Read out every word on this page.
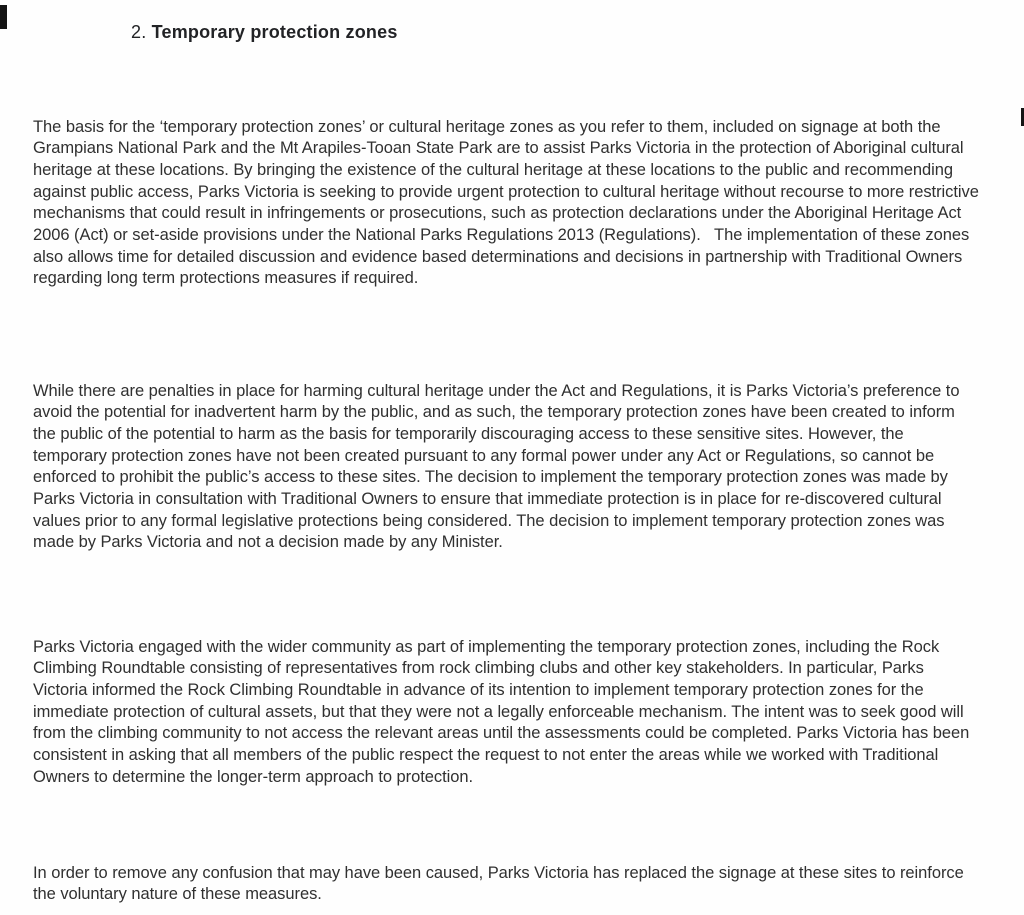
2. Temporary protection zones

The basis for the ‘temporary protection zones’ or cultural heritage zones as you refer to them, included on signage at both the Grampians National Park and the Mt Arapiles-Tooan State Park are to assist Parks Victoria in the protection of Aboriginal cultural heritage at these locations. By bringing the existence of the cultural heritage at these locations to the public and recommending against public access, Parks Victoria is seeking to provide urgent protection to cultural heritage without recourse to more restrictive mechanisms that could result in infringements or prosecutions, such as protection declarations under the Aboriginal Heritage Act 2006 (Act) or set-aside provisions under the National Parks Regulations 2013 (Regulations).   The implementation of these zones also allows time for detailed discussion and evidence based determinations and decisions in partnership with Traditional Owners regarding long term protections measures if required.

While there are penalties in place for harming cultural heritage under the Act and Regulations, it is Parks Victoria’s preference to avoid the potential for inadvertent harm by the public, and as such, the temporary protection zones have been created to inform the public of the potential to harm as the basis for temporarily discouraging access to these sensitive sites. However, the temporary protection zones have not been created pursuant to any formal power under any Act or Regulations, so cannot be enforced to prohibit the public’s access to these sites. The decision to implement the temporary protection zones was made by Parks Victoria in consultation with Traditional Owners to ensure that immediate protection is in place for re-discovered cultural values prior to any formal legislative protections being considered. The decision to implement temporary protection zones was made by Parks Victoria and not a decision made by any Minister.

Parks Victoria engaged with the wider community as part of implementing the temporary protection zones, including the Rock Climbing Roundtable consisting of representatives from rock climbing clubs and other key stakeholders. In particular, Parks Victoria informed the Rock Climbing Roundtable in advance of its intention to implement temporary protection zones for the immediate protection of cultural assets, but that they were not a legally enforceable mechanism. The intent was to seek good will from the climbing community to not access the relevant areas until the assessments could be completed. Parks Victoria has been consistent in asking that all members of the public respect the request to not enter the areas while we worked with Traditional Owners to determine the longer-term approach to protection.

In order to remove any confusion that may have been caused, Parks Victoria has replaced the signage at these sites to reinforce the voluntary nature of these measures.
